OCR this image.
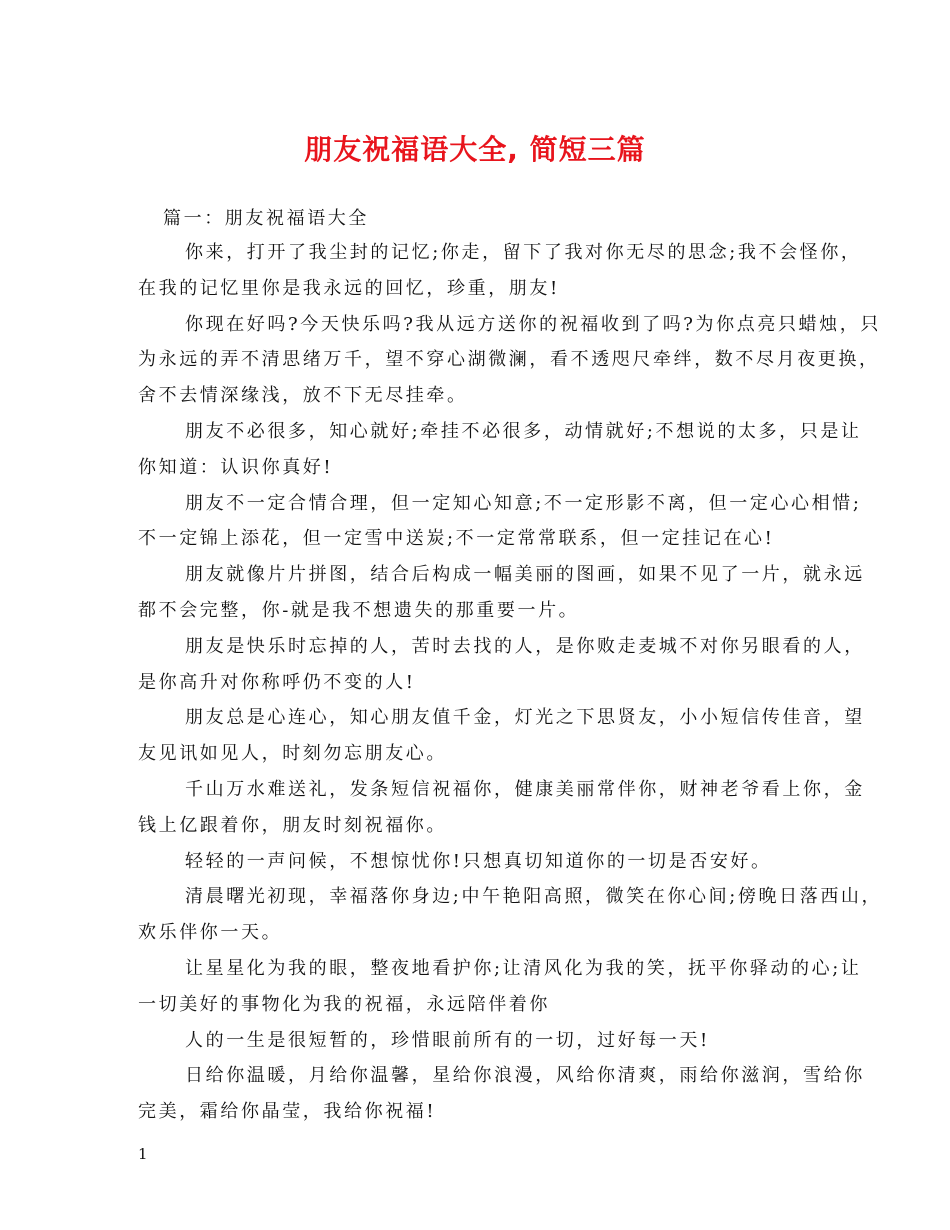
朋友祝福语大全, 简短三篇
篇一：朋友祝福语大全
你来，打开了我尘封的记忆;你走，留下了我对你无尽的思念;我不会怪你，
在我的记忆里你是我永远的回忆，珍重，朋友!
你现在好吗?今天快乐吗?我从远方送你的祝福收到了吗?为你点亮只蜡烛，只
为永远的弄不清思绪万千，望不穿心湖微澜，看不透咫尺牵绊，数不尽月夜更换，
舍不去情深缘浅，放不下无尽挂牵。
朋友不必很多，知心就好;牵挂不必很多，动情就好;不想说的太多，只是让
你知道：认识你真好!
朋友不一定合情合理，但一定知心知意;不一定形影不离，但一定心心相惜;
不一定锦上添花，但一定雪中送炭;不一定常常联系，但一定挂记在心!
朋友就像片片拼图，结合后构成一幅美丽的图画，如果不见了一片，就永远
都不会完整，你-就是我不想遗失的那重要一片。
朋友是快乐时忘掉的人，苦时去找的人，是你败走麦城不对你另眼看的人，
是你高升对你称呼仍不变的人!
朋友总是心连心，知心朋友值千金，灯光之下思贤友，小小短信传佳音，望
友见讯如见人，时刻勿忘朋友心。
千山万水难送礼，发条短信祝福你，健康美丽常伴你，财神老爷看上你，金
钱上亿跟着你，朋友时刻祝福你。
轻轻的一声问候，不想惊忧你!只想真切知道你的一切是否安好。
清晨曙光初现，幸福落你身边;中午艳阳高照，微笑在你心间;傍晚日落西山，
欢乐伴你一天。
让星星化为我的眼，整夜地看护你;让清风化为我的笑，抚平你驿动的心;让
一切美好的事物化为我的祝福，永远陪伴着你
人的一生是很短暂的，珍惜眼前所有的一切，过好每一天!
日给你温暖，月给你温馨，星给你浪漫，风给你清爽，雨给你滋润，雪给你
完美，霜给你晶莹，我给你祝福!
1
